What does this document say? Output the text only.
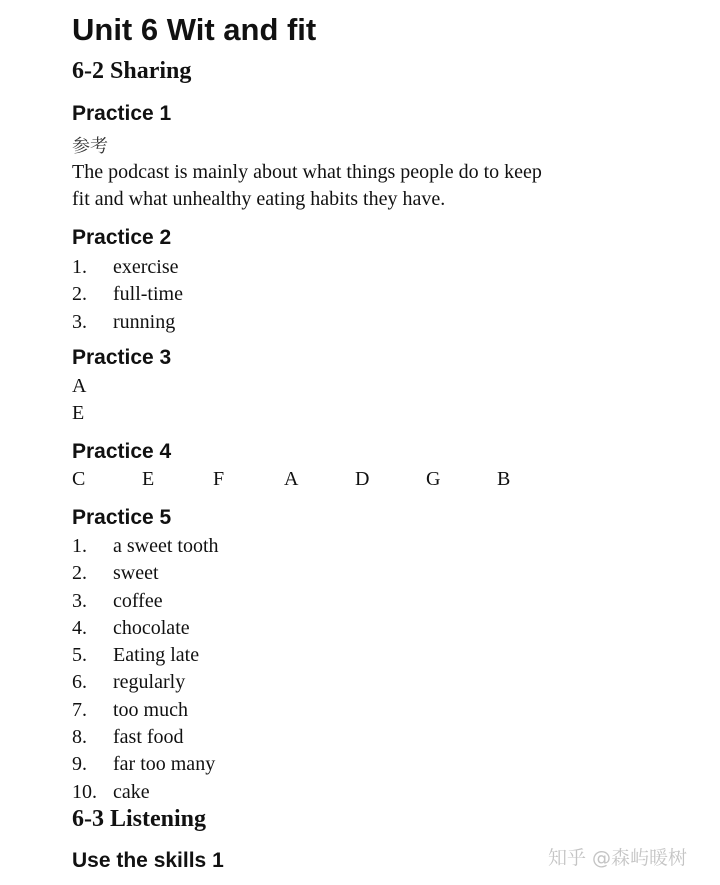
Unit 6 Wit and fit
6-2 Sharing
Practice 1
参考
The podcast is mainly about what things people do to keep
fit and what unhealthy eating habits they have.
Practice 2
1. exercise
2. full-time
3. running
Practice 3
A
E
Practice 4
C	E	F	A	D	G	B
Practice 5
1. a sweet tooth
2. sweet
3. coffee
4. chocolate
5. Eating late
6. regularly
7. too much
8. fast food
9. far too many
10. cake
6-3 Listening
Use the skills 1	知乎 @森屿暖树
